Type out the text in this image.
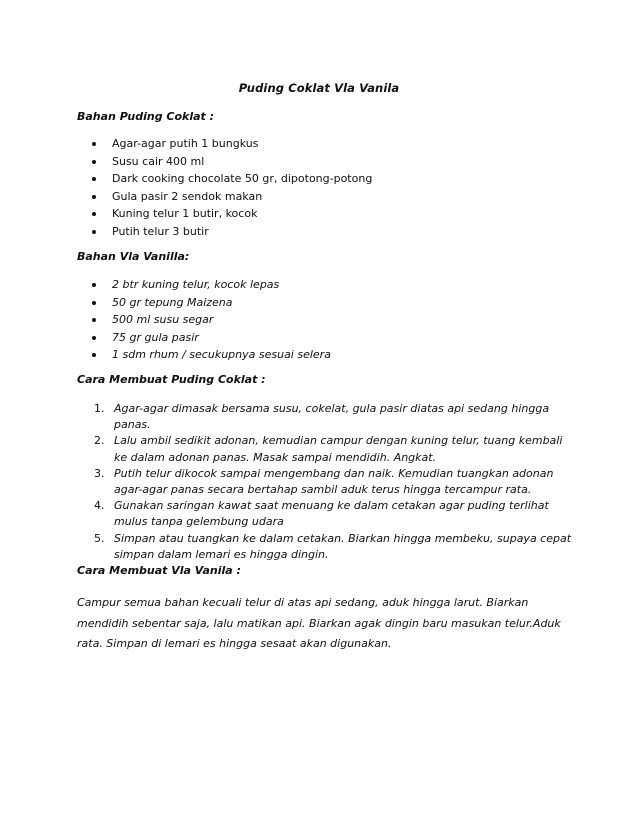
Puding Coklat Vla Vanila
Bahan Puding Coklat :
Agar-agar putih 1 bungkus
Susu cair 400 ml
Dark cooking chocolate 50 gr, dipotong-potong
Gula pasir 2 sendok makan
Kuning telur 1 butir, kocok
Putih telur 3 butir
Bahan Vla Vanilla:
2 btr kuning telur, kocok lepas
50 gr tepung Maizena
500 ml susu segar
75 gr gula pasir
1 sdm rhum / secukupnya sesuai selera
Cara Membuat Puding Coklat :
1. Agar-agar dimasak bersama susu, cokelat, gula pasir diatas api sedang hingga panas.
2. Lalu ambil sedikit adonan, kemudian campur dengan kuning telur, tuang kembali ke dalam adonan panas. Masak sampai mendidih. Angkat.
3. Putih telur dikocok sampai mengembang dan naik. Kemudian tuangkan adonan agar-agar panas secara bertahap sambil aduk terus hingga tercampur rata.
4. Gunakan saringan kawat saat menuang ke dalam cetakan agar puding terlihat mulus tanpa gelembung udara
5. Simpan atau tuangkan ke dalam cetakan. Biarkan hingga membeku, supaya cepat simpan dalam lemari es hingga dingin.
Cara Membuat Vla Vanila :

Campur semua bahan kecuali telur di atas api sedang, aduk hingga larut. Biarkan mendidih sebentar saja, lalu matikan api. Biarkan agak dingin baru masukan telur.Aduk rata. Simpan di lemari es hingga sesaat akan digunakan.
